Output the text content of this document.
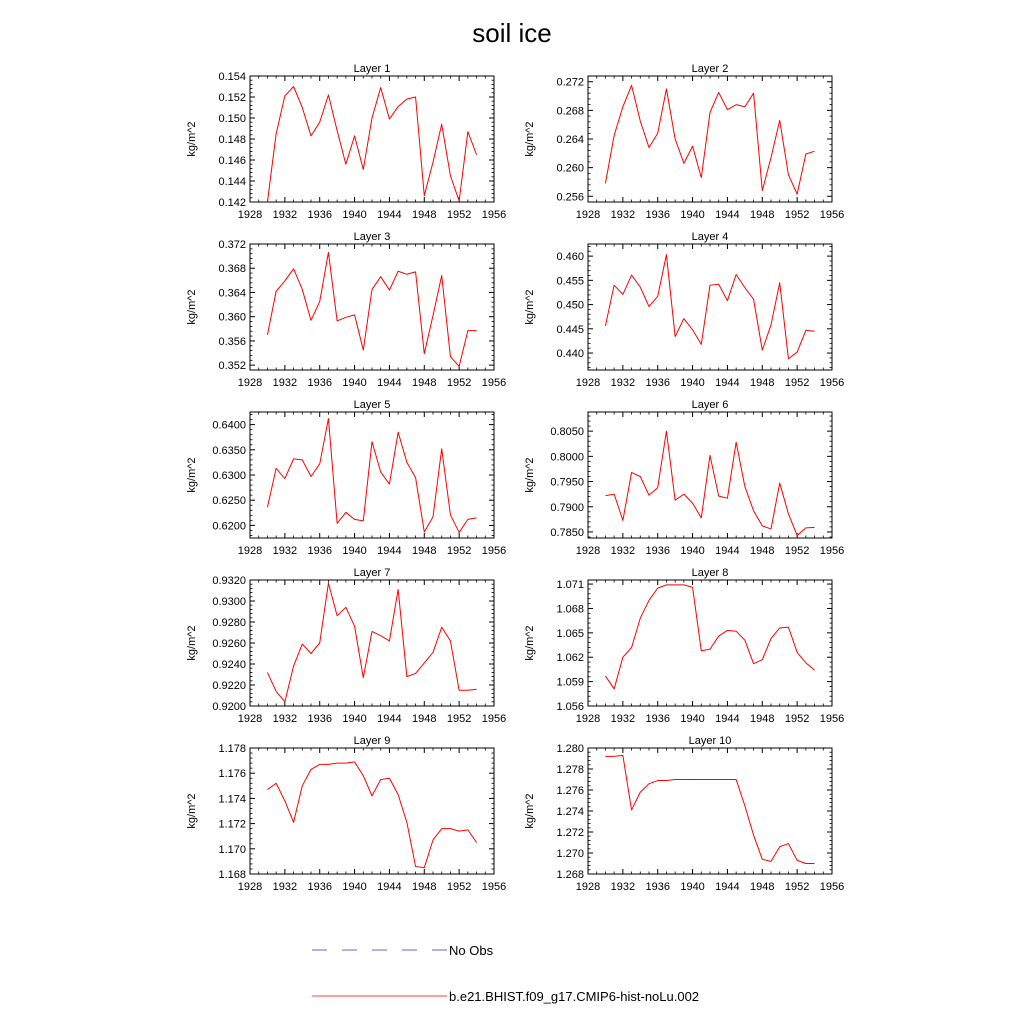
soil ice
Layer 1
kg/m^2
1928 1932 1936 1940 1944 1948 1952 1956
0.142
0.144
0.146
0.148
0.150
0.152
0.154
Layer 2
kg/m^2
1928 1932 1936 1940 1944 1948 1952 1956
0.256
0.260
0.264
0.268
0.272
Layer 3
kg/m^2
1928 1932 1936 1940 1944 1948 1952 1956
0.352
0.356
0.360
0.364
0.368
0.372
Layer 4
kg/m^2
1928 1932 1936 1940 1944 1948 1952 1956
0.440
0.445
0.450
0.455
0.460
Layer 5
kg/m^2
1928 1932 1936 1940 1944 1948 1952 1956
0.6200
0.6250
0.6300
0.6350
0.6400
Layer 6
kg/m^2
1928 1932 1936 1940 1944 1948 1952 1956
0.7850
0.7900
0.7950
0.8000
0.8050
Layer 7
kg/m^2
1928 1932 1936 1940 1944 1948 1952 1956
0.9200
0.9220
0.9240
0.9260
0.9280
0.9300
0.9320
Layer 8
kg/m^2
1928 1932 1936 1940 1944 1948 1952 1956
1.056
1.059
1.062
1.065
1.068
1.071
Layer 9
kg/m^2
1928 1932 1936 1940 1944 1948 1952 1956
1.168
1.170
1.172
1.174
1.176
1.178
Layer 10
kg/m^2
1928 1932 1936 1940 1944 1948 1952 1956
1.268
1.270
1.272
1.274
1.276
1.278
1.280
No Obs
b.e21.BHIST.f09_g17.CMIP6-hist-noLu.002
